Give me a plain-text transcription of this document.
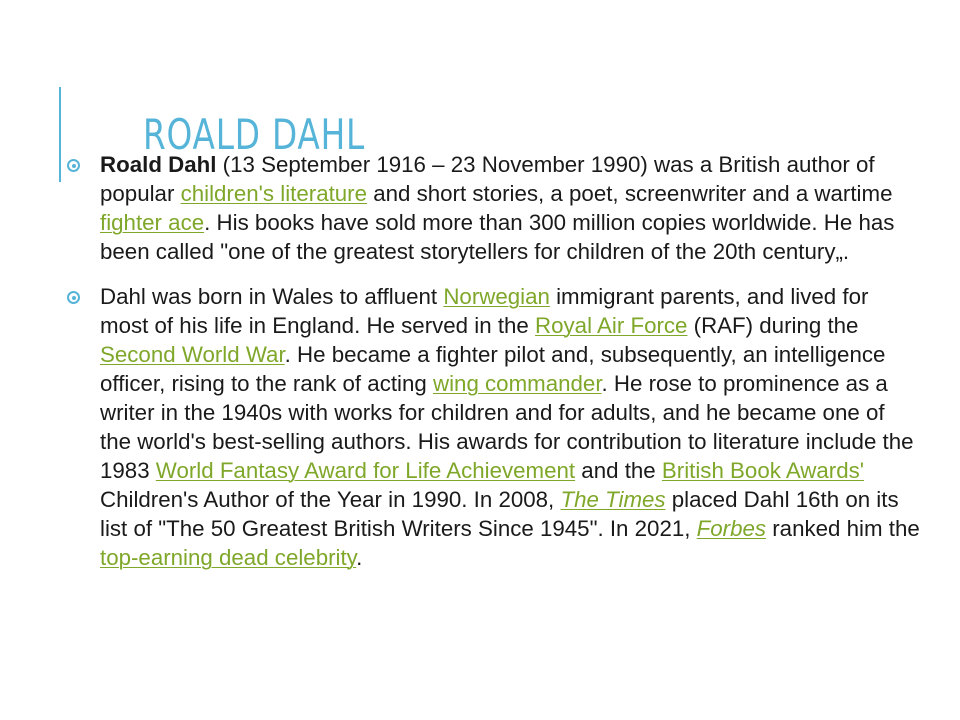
ROALD DAHL

Roald Dahl (13 September 1916 – 23 November 1990) was a British author of popular children's literature and short stories, a poet, screenwriter and a wartime fighter ace. His books have sold more than 300 million copies worldwide. He has been called "one of the greatest storytellers for children of the 20th century„.

Dahl was born in Wales to affluent Norwegian immigrant parents, and lived for most of his life in England. He served in the Royal Air Force (RAF) during the Second World War. He became a fighter pilot and, subsequently, an intelligence officer, rising to the rank of acting wing commander. He rose to prominence as a writer in the 1940s with works for children and for adults, and he became one of the world's best-selling authors. His awards for contribution to literature include the 1983 World Fantasy Award for Life Achievement and the British Book Awards' Children's Author of the Year in 1990. In 2008, The Times placed Dahl 16th on its list of "The 50 Greatest British Writers Since 1945". In 2021, Forbes ranked him the top-earning dead celebrity.
